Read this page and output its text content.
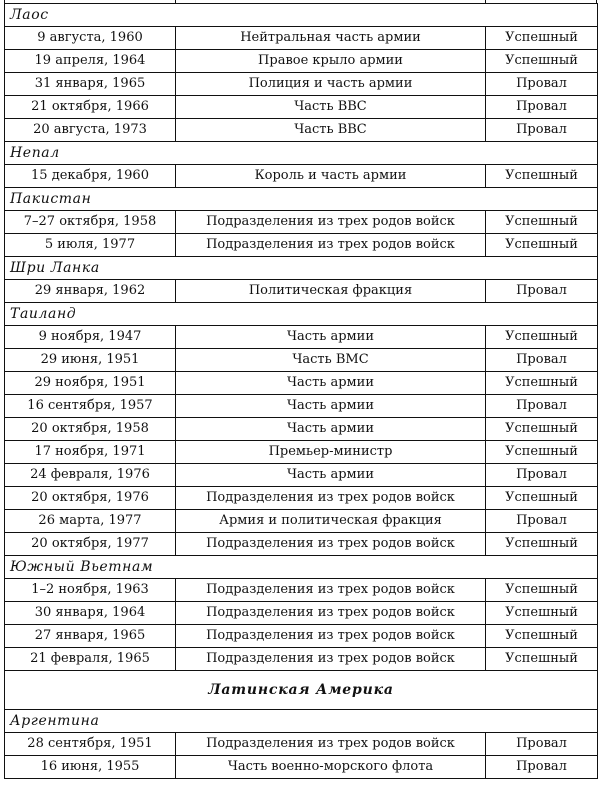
Лаос		
9 августа, 1960	Нейтральная часть армии	Успешный
19 апреля, 1964	Правое крыло армии	Успешный
31 января, 1965	Полиция и часть армии	Провал
21 октября, 1966	Часть ВВС	Провал
20 августа, 1973	Часть ВВС	Провал
Непал		
15 декабря, 1960	Король и часть армии	Успешный
Пакистан		
7–27 октября, 1958	Подразделения из трех родов войск	Успешный
5 июля, 1977	Подразделения из трех родов войск	Успешный
Шри Ланка		
29 января, 1962	Политическая фракция	Провал
Таиланд		
9 ноября, 1947	Часть армии	Успешный
29 июня, 1951	Часть ВМС	Провал
29 ноября, 1951	Часть армии	Успешный
16 сентября, 1957	Часть армии	Провал
20 октября, 1958	Часть армии	Успешный
17 ноября, 1971	Премьер-министр	Успешный
24 февраля, 1976	Часть армии	Провал
20 октября, 1976	Подразделения из трех родов войск	Успешный
26 марта, 1977	Армия и политическая фракция	Провал
20 октября, 1977	Подразделения из трех родов войск	Успешный
Южный Вьетнам		
1–2 ноября, 1963	Подразделения из трех родов войск	Успешный
30 января, 1964	Подразделения из трех родов войск	Успешный
27 января, 1965	Подразделения из трех родов войск	Успешный
21 февраля, 1965	Подразделения из трех родов войск	Успешный
Латинская Америка		
Аргентина		
28 сентября, 1951	Подразделения из трех родов войск	Провал
16 июня, 1955	Часть военно-морского флота	Провал
